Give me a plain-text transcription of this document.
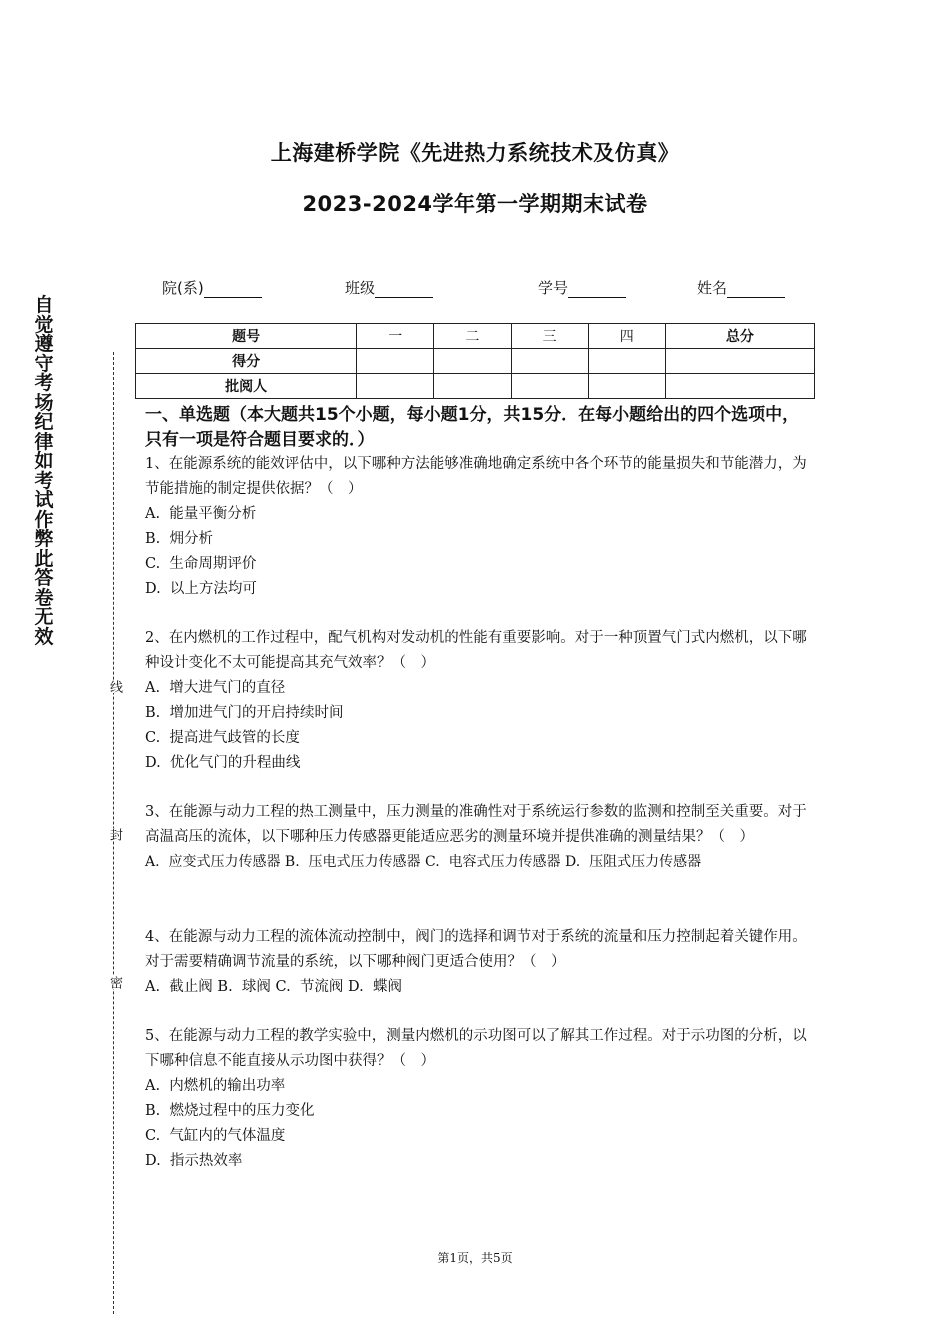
上海建桥学院《先进热力系统技术及仿真》
2023-2024学年第一学期期末试卷
自觉遵守考场纪律如考试作弊此答卷无效
线
封
密
院(系)	班级	学号	姓名
题号	一	二	三	四	总分
得分					
批阅人					
一、单选题（本大题共15个小题，每小题1分，共15分．在每小题给出的四个选项中，只有一项是符合题目要求的．）

1、在能源系统的能效评估中，以下哪种方法能够准确地确定系统中各个环节的能量损失和节能潜力，为节能措施的制定提供依据？（　）

A.  能量平衡分析

B.  㶲分析

C.  生命周期评价

D.  以上方法均可

2、在内燃机的工作过程中，配气机构对发动机的性能有重要影响。对于一种顶置气门式内燃机，以下哪种设计变化不太可能提高其充气效率？（　）

A.  增大进气门的直径

B.  增加进气门的开启持续时间

C.  提高进气歧管的长度

D.  优化气门的升程曲线

3、在能源与动力工程的热工测量中，压力测量的准确性对于系统运行参数的监测和控制至关重要。对于高温高压的流体，以下哪种压力传感器更能适应恶劣的测量环境并提供准确的测量结果？（　）

A.  应变式压力传感器 B.  压电式压力传感器 C.  电容式压力传感器 D.  压阻式压力传感器

4、在能源与动力工程的流体流动控制中，阀门的选择和调节对于系统的流量和压力控制起着关键作用。对于需要精确调节流量的系统，以下哪种阀门更适合使用？（　）

A.  截止阀 B.  球阀 C.  节流阀 D.  蝶阀

5、在能源与动力工程的教学实验中，测量内燃机的示功图可以了解其工作过程。对于示功图的分析，以下哪种信息不能直接从示功图中获得？（　）

A.  内燃机的输出功率

B.  燃烧过程中的压力变化

C.  气缸内的气体温度

D.  指示热效率

第1页，共5页
